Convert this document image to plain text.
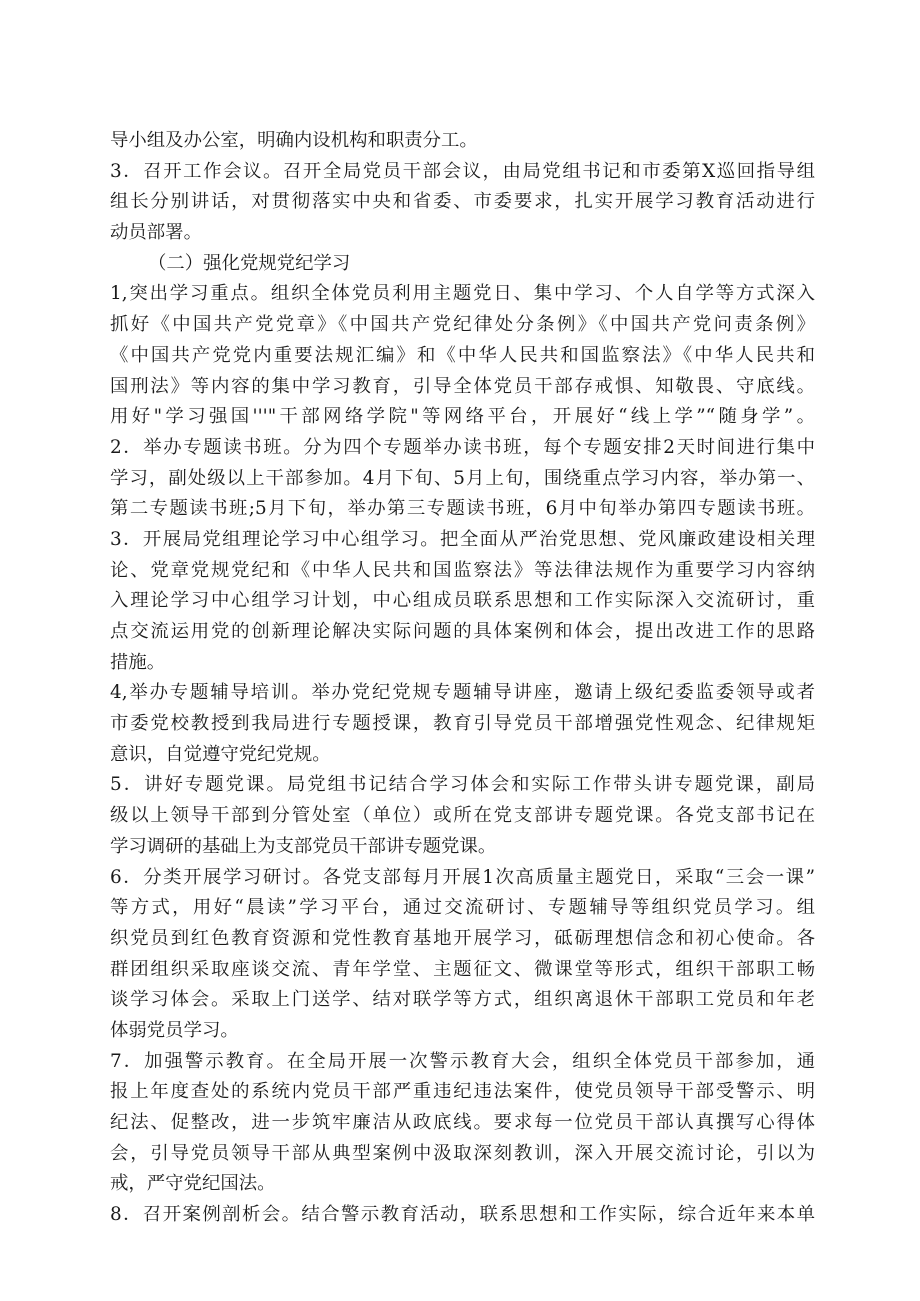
导小组及办公室，明确内设机构和职责分工。
3．召开工作会议。召开全局党员干部会议，由局党组书记和市委第X巡回指导组
组长分别讲话，对贯彻落实中央和省委、市委要求，扎实开展学习教育活动进行
动员部署。
（二）强化党规党纪学习
1,突出学习重点。组织全体党员利用主题党日、集中学习、个人自学等方式深入
抓好《中国共产党党章》《中国共产党纪律处分条例》《中国共产党问责条例》
《中国共产党党内重要法规汇编》和《中华人民共和国监察法》《中华人民共和
国刑法》等内容的集中学习教育，引导全体党员干部存戒惧、知敬畏、守底线。
用好"学习强国'''"干部网络学院"等网络平台，开展好“线上学”“随身学”。
2．举办专题读书班。分为四个专题举办读书班，每个专题安排2天时间进行集中
学习，副处级以上干部参加。4月下旬、5月上旬，围绕重点学习内容，举办第一、
第二专题读书班;5月下旬，举办第三专题读书班，6月中旬举办第四专题读书班。
3．开展局党组理论学习中心组学习。把全面从严治党思想、党风廉政建设相关理
论、党章党规党纪和《中华人民共和国监察法》等法律法规作为重要学习内容纳
入理论学习中心组学习计划，中心组成员联系思想和工作实际深入交流研讨，重
点交流运用党的创新理论解决实际问题的具体案例和体会，提出改进工作的思路
措施。
4,举办专题辅导培训。举办党纪党规专题辅导讲座，邀请上级纪委监委领导或者
市委党校教授到我局进行专题授课，教育引导党员干部增强党性观念、纪律规矩
意识，自觉遵守党纪党规。
5．讲好专题党课。局党组书记结合学习体会和实际工作带头讲专题党课，副局
级以上领导干部到分管处室（单位）或所在党支部讲专题党课。各党支部书记在
学习调研的基础上为支部党员干部讲专题党课。
6．分类开展学习研讨。各党支部每月开展1次高质量主题党日，采取“三会一课”
等方式，用好“晨读”学习平台，通过交流研讨、专题辅导等组织党员学习。组
织党员到红色教育资源和党性教育基地开展学习，砥砺理想信念和初心使命。各
群团组织采取座谈交流、青年学堂、主题征文、微课堂等形式，组织干部职工畅
谈学习体会。采取上门送学、结对联学等方式，组织离退休干部职工党员和年老
体弱党员学习。
7．加强警示教育。在全局开展一次警示教育大会，组织全体党员干部参加，通
报上年度查处的系统内党员干部严重违纪违法案件，使党员领导干部受警示、明
纪法、促整改，进一步筑牢廉洁从政底线。要求每一位党员干部认真撰写心得体
会，引导党员领导干部从典型案例中汲取深刻教训，深入开展交流讨论，引以为
戒，严守党纪国法。
8．召开案例剖析会。结合警示教育活动，联系思想和工作实际，综合近年来本单
